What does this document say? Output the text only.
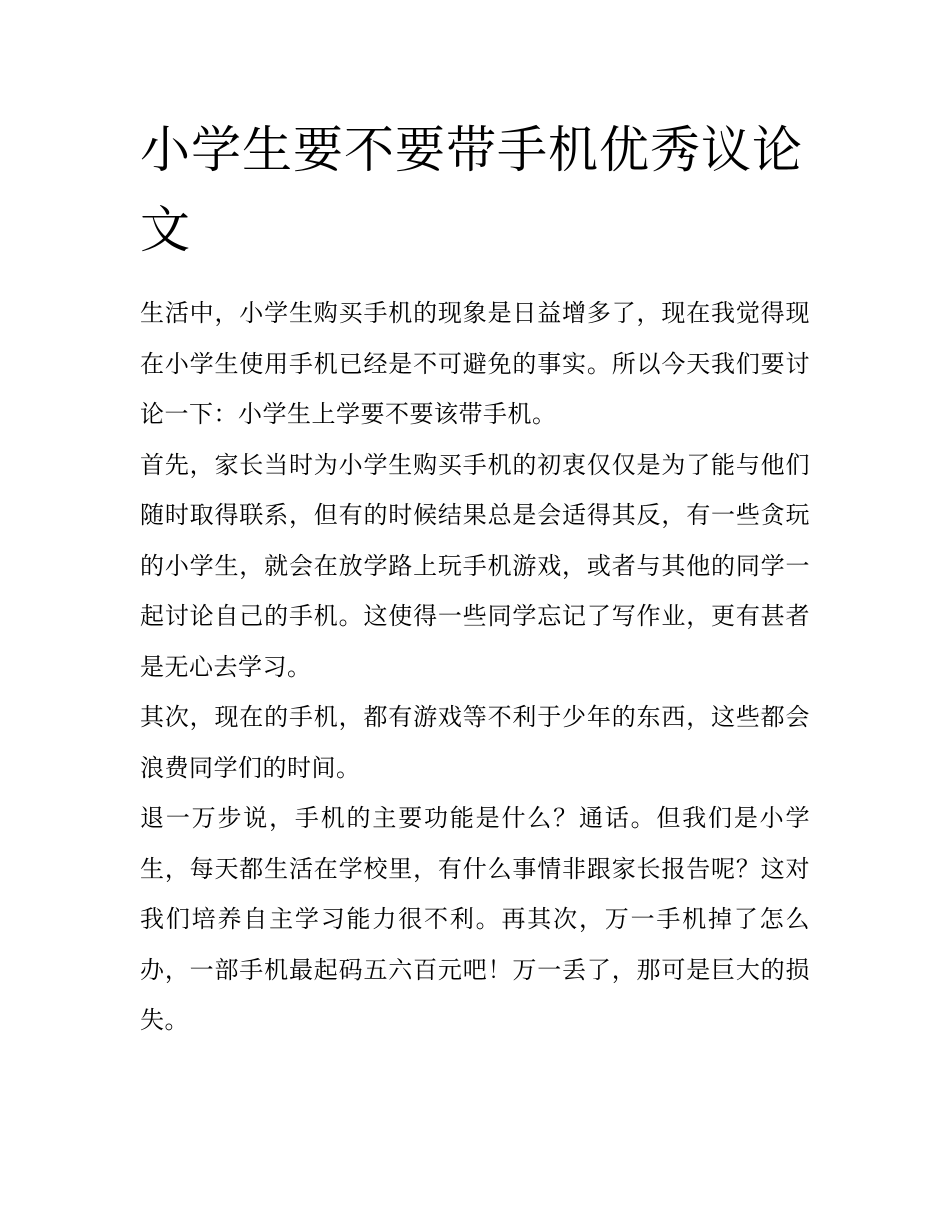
小学生要不要带手机优秀议论文

生活中，小学生购买手机的现象是日益增多了，现在我觉得现在小学生使用手机已经是不可避免的事实。所以今天我们要讨论一下：小学生上学要不要该带手机。

首先，家长当时为小学生购买手机的初衷仅仅是为了能与他们随时取得联系，但有的时候结果总是会适得其反，有一些贪玩的小学生，就会在放学路上玩手机游戏，或者与其他的同学一起讨论自己的手机。这使得一些同学忘记了写作业，更有甚者是无心去学习。

其次，现在的手机，都有游戏等不利于少年的东西，这些都会浪费同学们的时间。

退一万步说，手机的主要功能是什么？通话。但我们是小学生，每天都生活在学校里，有什么事情非跟家长报告呢？这对我们培养自主学习能力很不利。再其次，万一手机掉了怎么办，一部手机最起码五六百元吧！万一丢了，那可是巨大的损失。
